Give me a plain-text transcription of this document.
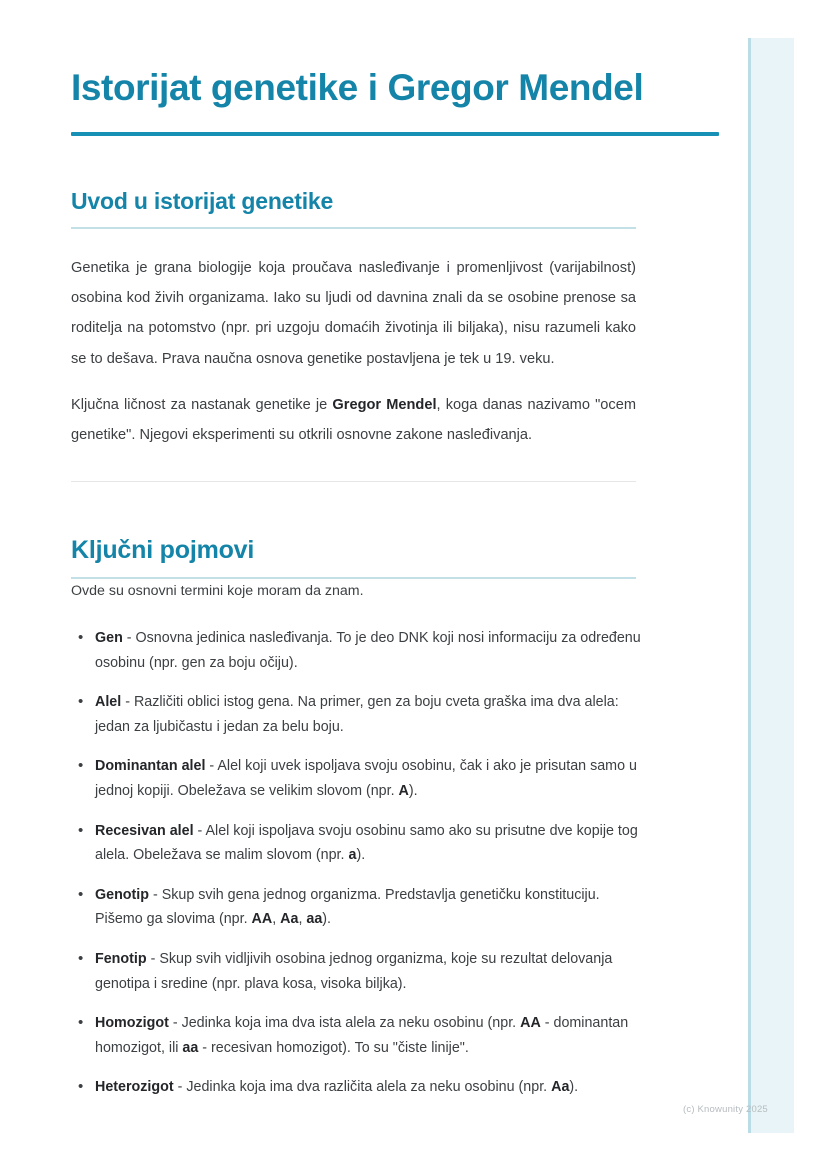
Istorijat genetike i Gregor Mendel
Uvod u istorijat genetike

Genetika je grana biologije koja proučava nasleđivanje i promenljivost (varijabilnost) osobina kod živih organizama. Iako su ljudi od davnina znali da se osobine prenose sa roditelja na potomstvo (npr. pri uzgoju domaćih životinja ili biljaka), nisu razumeli kako se to dešava. Prava naučna osnova genetike postavljena je tek u 19. veku.

Ključna ličnost za nastanak genetike je Gregor Mendel, koga danas nazivamo "ocem genetike". Njegovi eksperimenti su otkrili osnovne zakone nasleđivanja.

Ključni pojmovi

Ovde su osnovni termini koje moram da znam.

• Gen - Osnovna jedinica nasleđivanja. To je deo DNK koji nosi informaciju za određenu osobinu (npr. gen za boju očiju).
• Alel - Različiti oblici istog gena. Na primer, gen za boju cveta graška ima dva alela: jedan za ljubičastu i jedan za belu boju.
• Dominantan alel - Alel koji uvek ispoljava svoju osobinu, čak i ako je prisutan samo u jednoj kopiji. Obeležava se velikim slovom (npr. A).
• Recesivan alel - Alel koji ispoljava svoju osobinu samo ako su prisutne dve kopije tog alela. Obeležava se malim slovom (npr. a).
• Genotip - Skup svih gena jednog organizma. Predstavlja genetičku konstituciju. Pišemo ga slovima (npr. AA, Aa, aa).
• Fenotip - Skup svih vidljivih osobina jednog organizma, koje su rezultat delovanja genotipa i sredine (npr. plava kosa, visoka biljka).
• Homozigot - Jedinka koja ima dva ista alela za neku osobinu (npr. AA - dominantan homozigot, ili aa - recesivan homozigot). To su "čiste linije".
• Heterozigot - Jedinka koja ima dva različita alela za neku osobinu (npr. Aa).
(c) Knowunity 2025
